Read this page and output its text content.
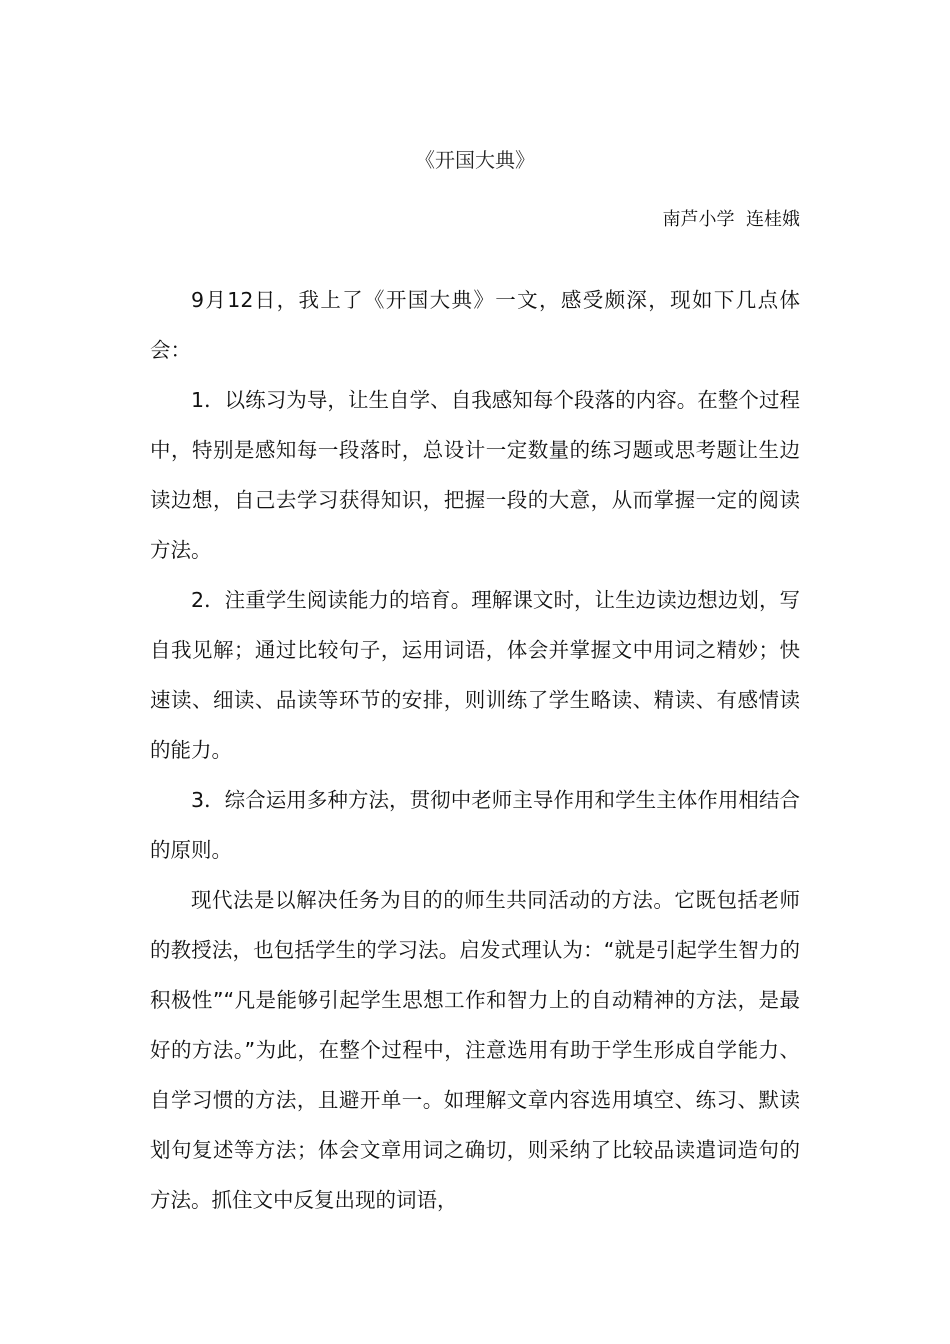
《开国大典》
南芦小学  连桂娥

9月12日，我上了《开国大典》一文，感受颇深，现如下几点体会：

1．以练习为导，让生自学、自我感知每个段落的内容。在整个过程中，特别是感知每一段落时，总设计一定数量的练习题或思考题让生边读边想，自己去学习获得知识，把握一段的大意，从而掌握一定的阅读方法。

2．注重学生阅读能力的培育。理解课文时，让生边读边想边划，写自我见解；通过比较句子，运用词语，体会并掌握文中用词之精妙；快速读、细读、品读等环节的安排，则训练了学生略读、精读、有感情读的能力。

3．综合运用多种方法，贯彻中老师主导作用和学生主体作用相结合的原则。

现代法是以解决任务为目的的师生共同活动的方法。它既包括老师的教授法，也包括学生的学习法。启发式理认为：“就是引起学生智力的积极性”“凡是能够引起学生思想工作和智力上的自动精神的方法，是最好的方法。”为此，在整个过程中，注意选用有助于学生形成自学能力、自学习惯的方法，且避开单一。如理解文章内容选用填空、练习、默读划句复述等方法；体会文章用词之确切，则采纳了比较品读遣词造句的方法。抓住文中反复出现的词语，
